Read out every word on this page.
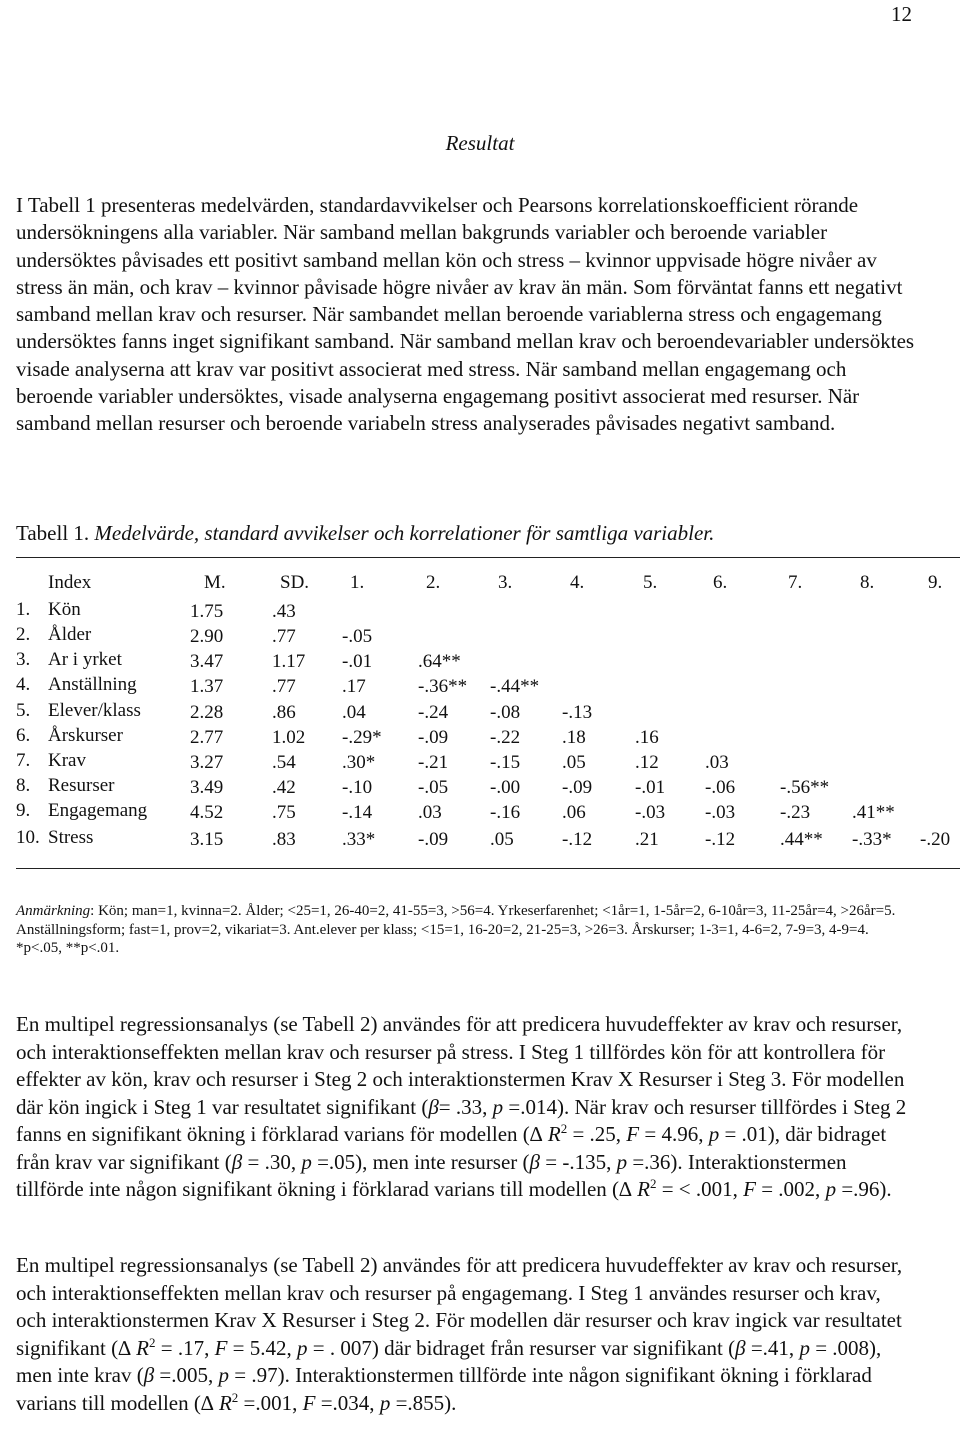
12
Resultat
I Tabell 1 presenteras medelvärden, standardavvikelser och Pearsons korrelationskoefficient rörande undersökningens alla variabler. När samband mellan bakgrunds variabler och beroende variabler undersöktes påvisades ett positivt samband mellan kön och stress – kvinnor uppvisade högre nivåer av stress än män, och krav – kvinnor påvisade högre nivåer av krav än män. Som förväntat fanns ett negativt samband mellan krav och resurser. När sambandet mellan beroende variablerna stress och engagemang undersöktes fanns inget signifikant samband. När samband mellan krav och beroendevariabler undersöktes visade analyserna att krav var positivt associerat med stress. När samband mellan engagemang och beroende variabler undersöktes, visade analyserna engagemang positivt associerat med resurser. När samband mellan resurser och beroende variabeln stress analyserades påvisades negativt samband.
Tabell 1. Medelvärde, standard avvikelser och korrelationer för samtliga variabler.
Index	M.	SD. 1.	2.	3.	4.	5.	6.	7.	8.	9.
1. Kön	1.75	.43
2. Ålder	2.90	.77 -.05
3. Ar i yrket	3.47	1.17 -.01 .64**
4. Anställning	1.37	.77 .17	-.36** -.44**
5. Elever/klass	2.28	.86 .04	-.24 -.08 -.13
6. Årskurser	2.77	1.02 -.29* -.09 -.22 .18	.16
7. Krav	3.27	.54 .30* -.21 -.15 .05	.12 .03
8. Resurser	3.49	.42 -.10 -.05 -.00 -.09 -.01 -.06 -.56**
9. Engagemang 4.52	.75 -.14 .03	-.16 .06	-.03 -.03 -.23 .41**
10. Stress	3.15	.83 .33* -.09 .05	-.12 .21 -.12 .44** -.33* -.20
Anmärkning: Kön; man=1, kvinna=2. Ålder; <25=1, 26-40=2, 41-55=3, >56=4. Yrkeserfarenhet; <1år=1, 1-5år=2, 6-10år=3, 11-25år=4, >26år=5. Anställningsform; fast=1, prov=2, vikariat=3. Ant.elever per klass; <15=1, 16-20=2, 21-25=3, >26=3. Årskurser; 1-3=1, 4-6=2, 7-9=3, 4-9=4.
*p<.05, **p<.01.
En multipel regressionsanalys (se Tabell 2) användes för att predicera huvudeffekter av krav och resurser, och interaktionseffekten mellan krav och resurser på stress. I Steg 1 tillfördes kön för att kontrollera för effekter av kön, krav och resurser i Steg 2 och interaktionstermen Krav X Resurser i Steg 3. För modellen där kön ingick i Steg 1 var resultatet signifikant (β= .33, p =.014). När krav och resurser tillfördes i Steg 2 fanns en signifikant ökning i förklarad varians för modellen (∆ $R^2 = .25$, F = 4.96, p = .01), där bidraget från krav var signifikant (β = .30, p =.05), men inte resurser (β = -.135, p =.36). Interaktionstermen tillförde inte någon signifikant ökning i förklarad varians till modellen (∆ $R^2$ = < .001, F = .002, p =.96).
En multipel regressionsanalys (se Tabell 2) användes för att predicera huvudeffekter av krav och resurser, och interaktionseffekten mellan krav och resurser på engagemang. I Steg 1 användes resurser och krav, och interaktionstermen Krav X Resurser i Steg 2. För modellen där resurser och krav ingick var resultatet signifikant (∆ $R^2 = .17$, F = 5.42, p = . 007) där bidraget från resurser var signifikant (β =.41, p = .008), men inte krav (β =.005, p = .97). Interaktionstermen tillförde inte någon signifikant ökning i förklarad varians till modellen (∆ $R^2 =.001$, F =.034, p =.855).
